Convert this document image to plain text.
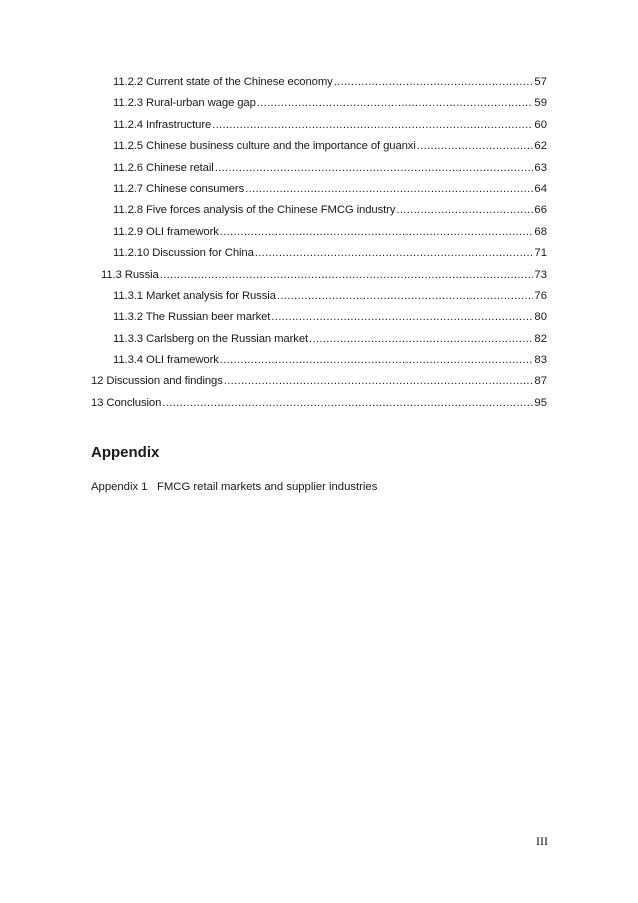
11.2.2 Current state of the Chinese economy .....	57
11.2.3 Rural-urban wage gap .....	59
11.2.4 Infrastructure .....	60
11.2.5 Chinese business culture and the importance of guanxi .....	62
11.2.6 Chinese retail .....	63
11.2.7 Chinese consumers .....	64
11.2.8 Five forces analysis of the Chinese FMCG industry .....	66
11.2.9 OLI framework .....	68
11.2.10 Discussion for China .....	71
11.3 Russia .....	73
11.3.1 Market analysis for Russia .....	76
11.3.2 The Russian beer market .....	80
11.3.3 Carlsberg on the Russian market .....	82
11.3.4 OLI framework .....	83
12 Discussion and findings .....	87
13 Conclusion .....	95
Appendix
Appendix 1 FMCG retail markets and supplier industries
III
